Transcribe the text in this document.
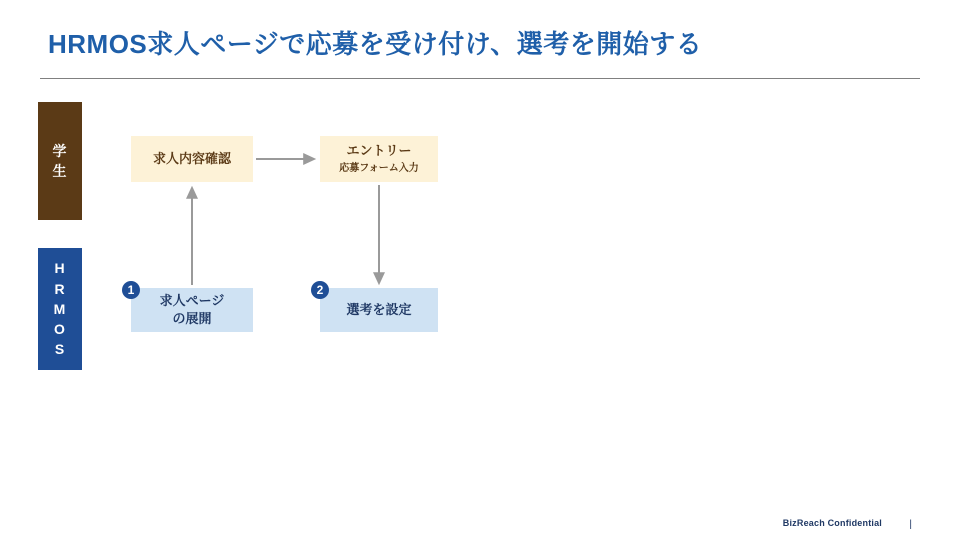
HRMOS求人ページで応募を受け付け、選考を開始する
学
生
H
R
M
O
S
求人内容確認
エントリー
応募フォーム入力
求人ページ
の展開
選考を設定
1	2
BizReach Confidential	|
